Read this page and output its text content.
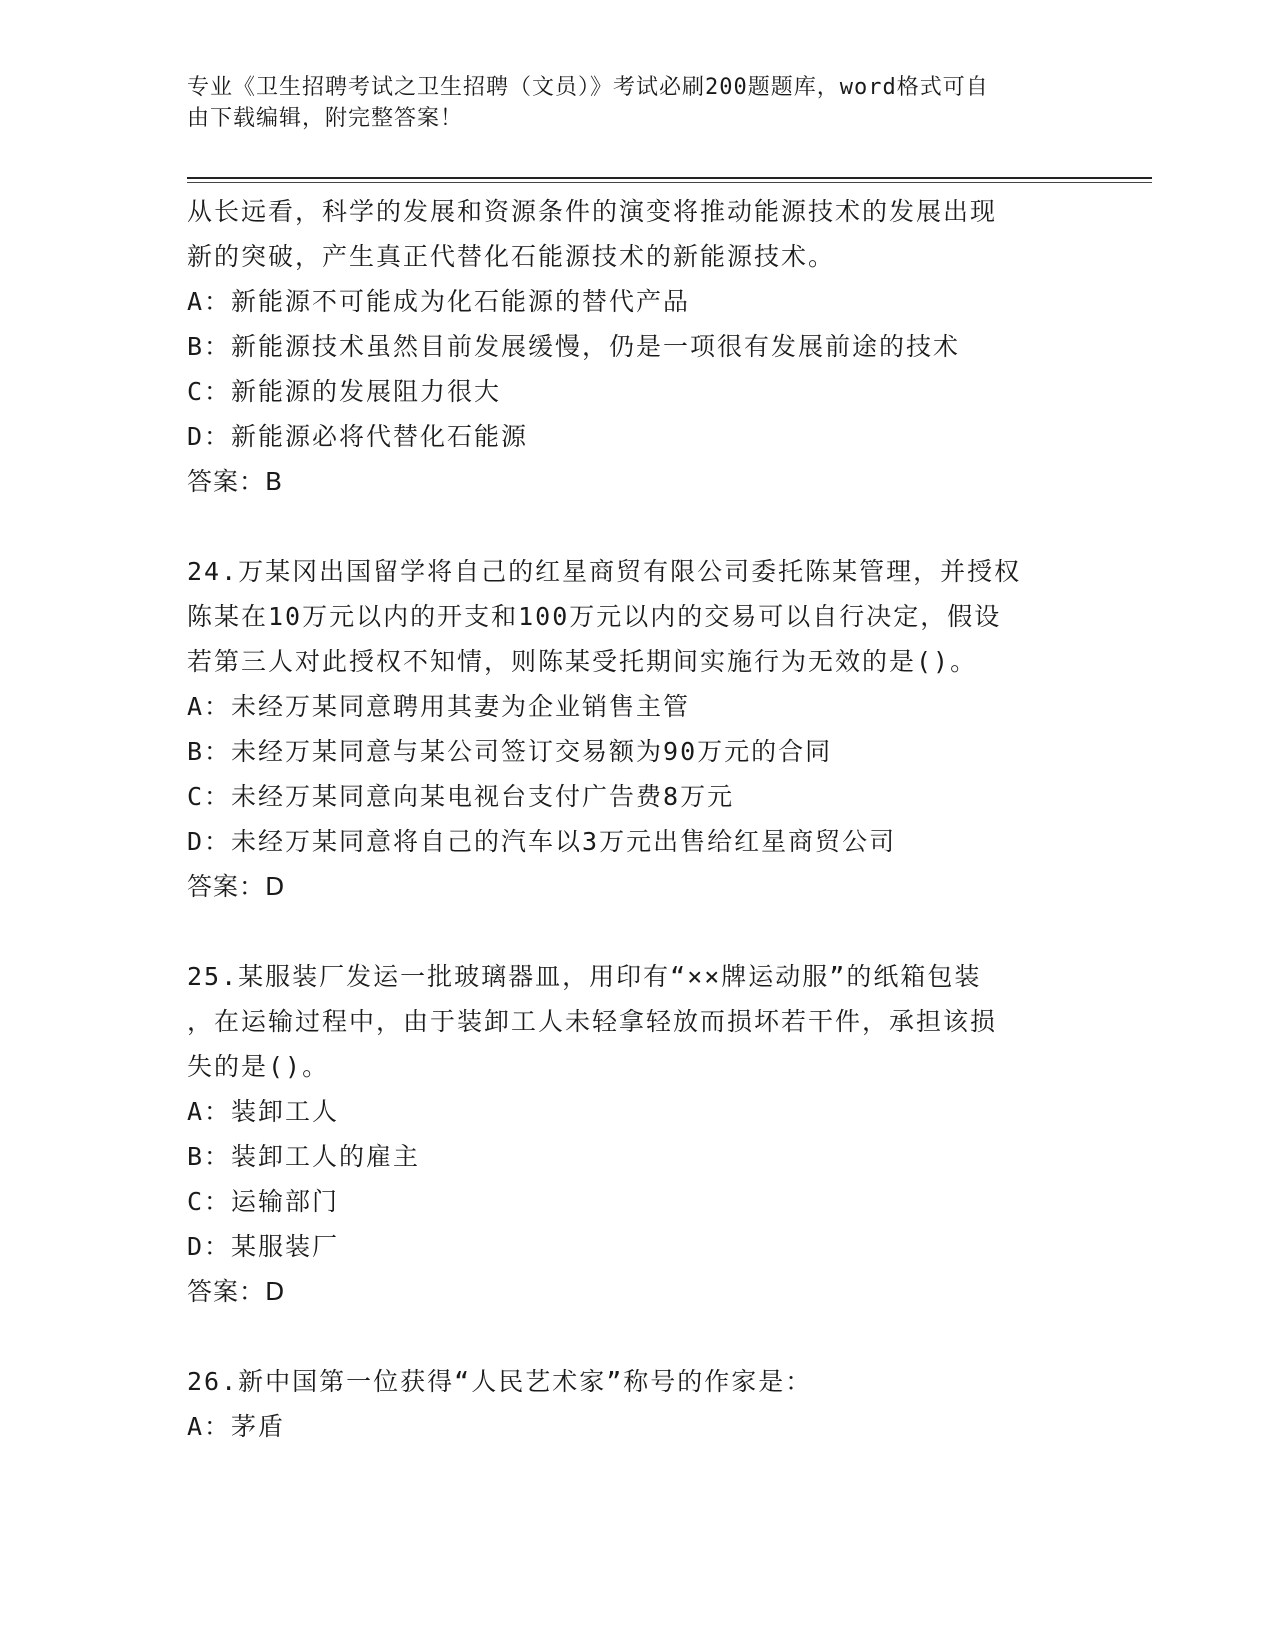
专业《卫生招聘考试之卫生招聘（文员）》考试必刷200题题库，word格式可自
由下载编辑，附完整答案！
从长远看，科学的发展和资源条件的演变将推动能源技术的发展出现
新的突破，产生真正代替化石能源技术的新能源技术。
A：新能源不可能成为化石能源的替代产品
B：新能源技术虽然目前发展缓慢，仍是一项很有发展前途的技术
C：新能源的发展阻力很大
D：新能源必将代替化石能源
答案：B
24.万某冈出国留学将自己的红星商贸有限公司委托陈某管理，并授权
陈某在10万元以内的开支和100万元以内的交易可以自行决定，假设
若第三人对此授权不知情，则陈某受托期间实施行为无效的是()。
A：未经万某同意聘用其妻为企业销售主管
B：未经万某同意与某公司签订交易额为90万元的合同
C：未经万某同意向某电视台支付广告费8万元
D：未经万某同意将自己的汽车以3万元出售给红星商贸公司
答案：D
25.某服装厂发运一批玻璃器皿，用印有“××牌运动服”的纸箱包装
，在运输过程中，由于装卸工人未轻拿轻放而损坏若干件，承担该损
失的是()。
A：装卸工人
B：装卸工人的雇主
C：运输部门
D：某服装厂
答案：D
26.新中国第一位获得“人民艺术家”称号的作家是：
A：茅盾
